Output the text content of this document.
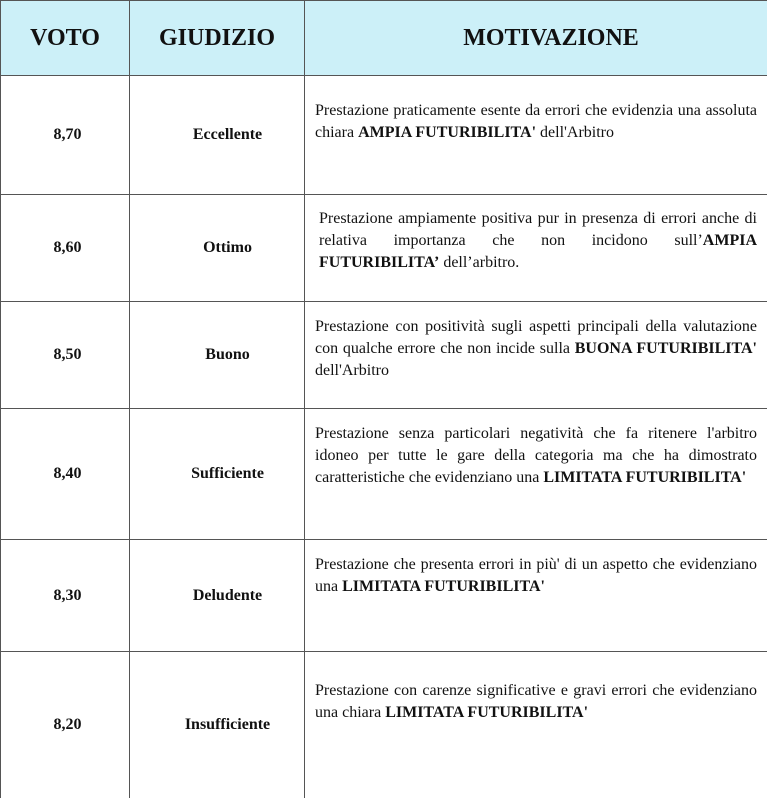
VOTO	GIUDIZIO	MOTIVAZIONE
8,70	Eccellente	Prestazione praticamente esente da errori che evidenzia una assoluta chiara AMPIA FUTURIBILITA' dell'Arbitro

8,60	Ottimo	Prestazione ampiamente positiva pur in presenza di errori anche di relativa importanza che non incidono sull’AMPIA FUTURIBILITA’ dell’arbitro.

8,50	Buono	Prestazione con positività sugli aspetti principali della valutazione con qualche errore che non incide sulla BUONA FUTURIBILITA' dell'Arbitro

8,40	Sufficiente	Prestazione senza particolari negatività che fa ritenere l'arbitro idoneo per tutte le gare della categoria ma che ha dimostrato caratteristiche che evidenziano una LIMITATA FUTURIBILITA'

8,30	Deludente	Prestazione che presenta errori in più' di un aspetto che evidenziano una LIMITATA FUTURIBILITA'

8,20	Insufficiente	Prestazione con carenze significative e gravi errori che evidenziano una chiara LIMITATA FUTURIBILITA'
